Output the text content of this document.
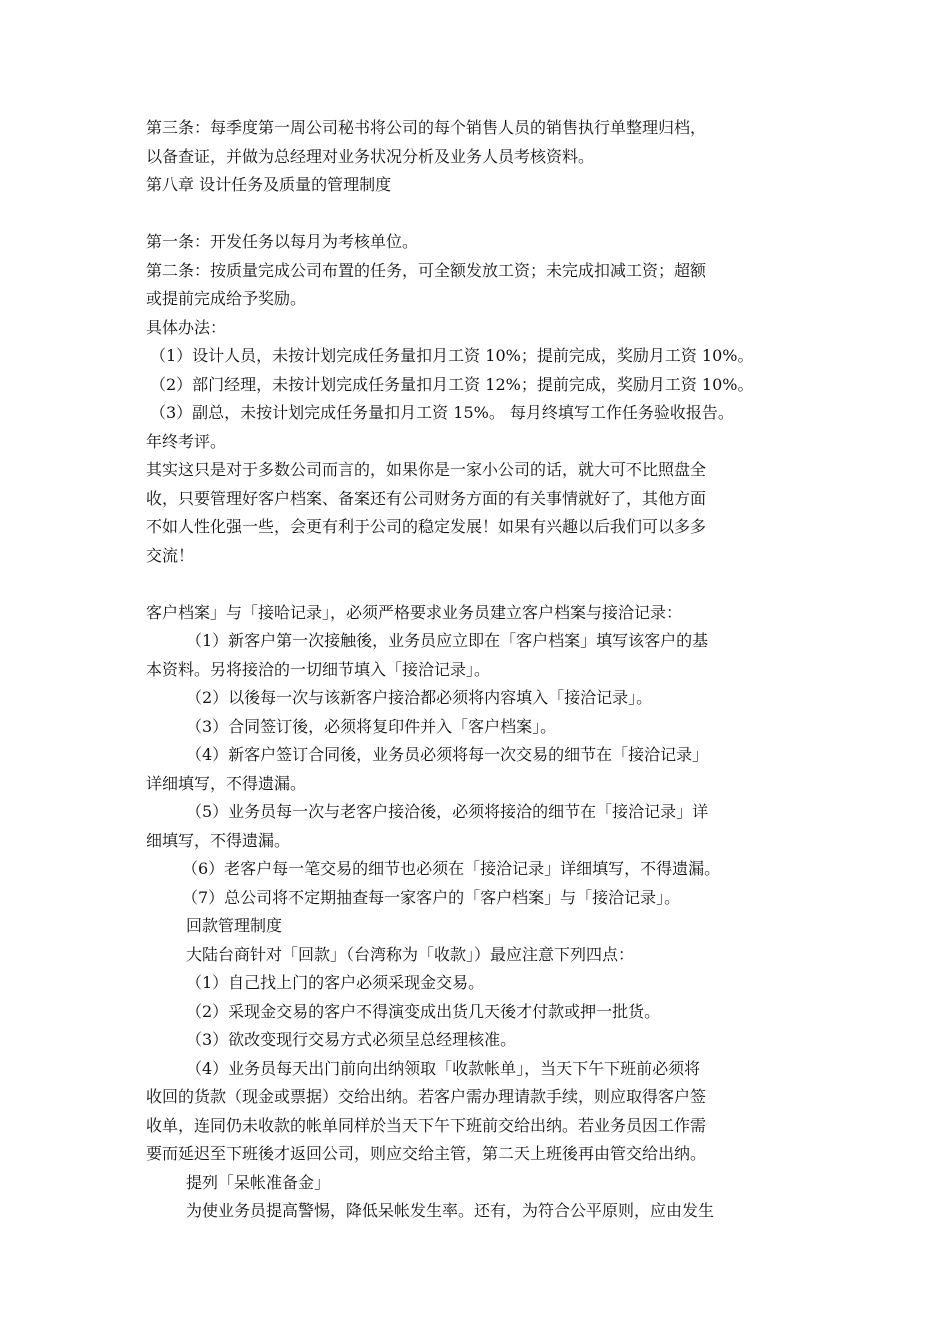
第三条：每季度第一周公司秘书将公司的每个销售人员的销售执行单整理归档，
以备查证，并做为总经理对业务状况分析及业务人员考核资料。
第八章 设计任务及质量的管理制度
第一条：开发任务以每月为考核单位。
第二条：按质量完成公司布置的任务，可全额发放工资；未完成扣减工资；超额
或提前完成给予奖励。
具体办法：
（1）设计人员，未按计划完成任务量扣月工资 10%；提前完成，奖励月工资 10%。
（2）部门经理，未按计划完成任务量扣月工资 12%；提前完成，奖励月工资 10%。
（3）副总，未按计划完成任务量扣月工资 15%。 每月终填写工作任务验收报告。
年终考评。
其实这只是对于多数公司而言的，如果你是一家小公司的话，就大可不比照盘全
收，只要管理好客户档案、备案还有公司财务方面的有关事情就好了，其他方面
不如人性化强一些，会更有利于公司的稳定发展！如果有兴趣以后我们可以多多
交流！
客户档案」与「接哈记录」，必须严格要求业务员建立客户档案与接洽记录：
（1）新客户第一次接触後，业务员应立即在「客户档案」填写该客户的基
本资料。另将接洽的一切细节填入「接洽记录」。
（2）以後每一次与该新客户接洽都必须将内容填入「接洽记录」。
（3）合同签订後，必须将复印件并入「客户档案」。
（4）新客户签订合同後，业务员必须将每一次交易的细节在「接洽记录」
详细填写，不得遗漏。
（5）业务员每一次与老客户接洽後，必须将接洽的细节在「接洽记录」详
细填写，不得遗漏。
（6）老客户每一笔交易的细节也必须在「接洽记录」详细填写，不得遗漏。
（7）总公司将不定期抽查每一家客户的「客户档案」与「接洽记录」。
回款管理制度
大陆台商针对「回款」（台湾称为「收款」）最应注意下列四点：
（1）自己找上门的客户必须采现金交易。
（2）采现金交易的客户不得演变成出货几天後才付款或押一批货。
（3）欲改变现行交易方式必须呈总经理核准。
（4）业务员每天出门前向出纳领取「收款帐单」，当天下午下班前必须将
收回的货款（现金或票据）交给出纳。若客户需办理请款手续，则应取得客户签
收单，连同仍未收款的帐单同样於当天下午下班前交给出纳。若业务员因工作需
要而延迟至下班後才返回公司，则应交给主管，第二天上班後再由管交给出纳。
提列「呆帐准备金」
为使业务员提高警惕，降低呆帐发生率。还有，为符合公平原则，应由发生
